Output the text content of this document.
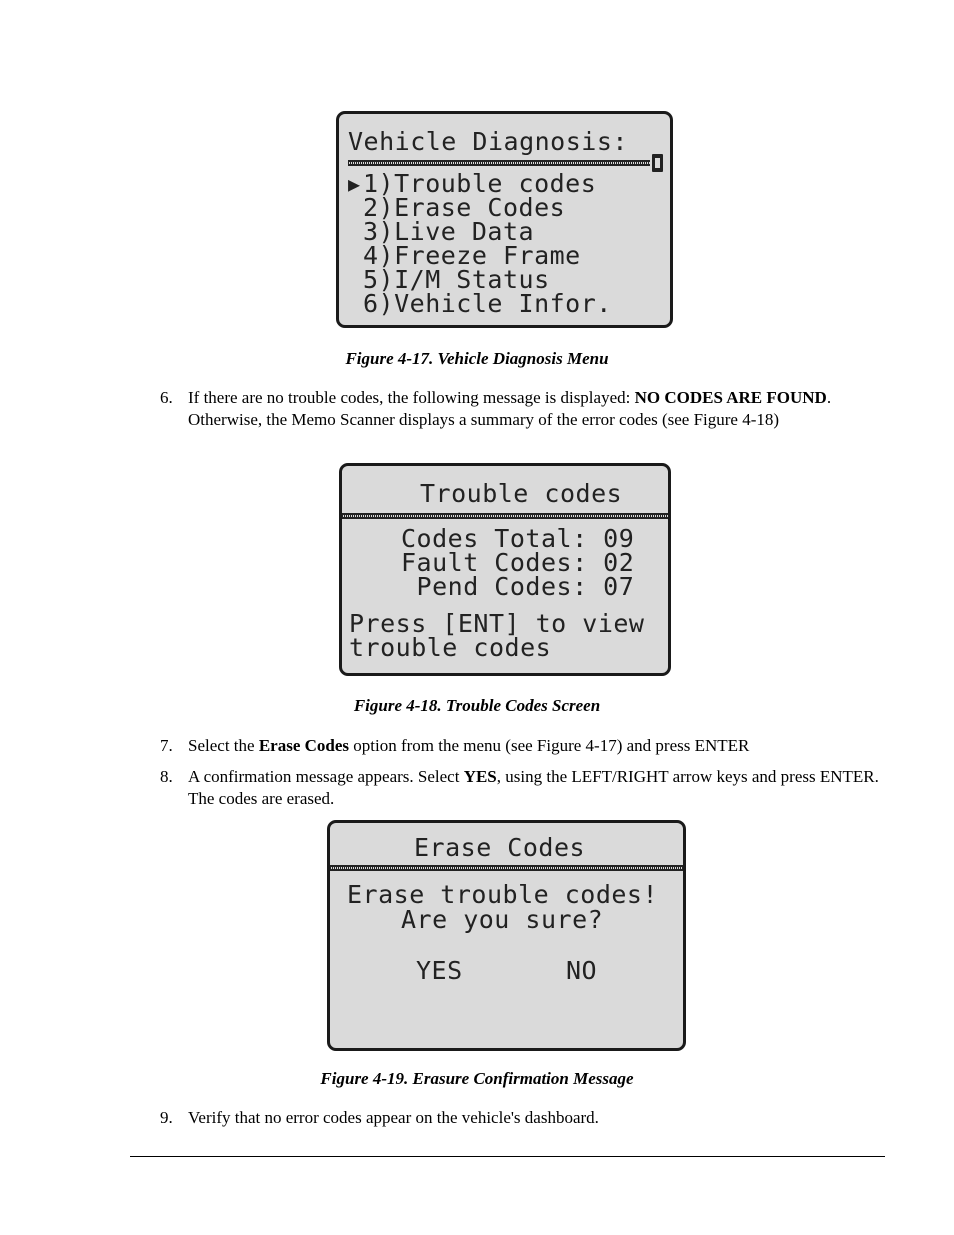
Vehicle Diagnosis:
▶ 1)Trouble codes
2)Erase Codes
3)Live Data
4)Freeze Frame
5)I/M Status
6)Vehicle Infor.
Figure 4-17. Vehicle Diagnosis Menu
6. If there are no trouble codes, the following message is displayed: NO CODES ARE FOUND. Otherwise, the Memo Scanner displays a summary of the error codes (see Figure 4-18)
Trouble codes
Codes Total: 09
Fault Codes: 02
Pend Codes: 07
Press [ENT] to view
trouble codes
Figure 4-18. Trouble Codes Screen
7. Select the Erase Codes option from the menu (see Figure 4-17) and press ENTER
8. A confirmation message appears. Select YES, using the LEFT/RIGHT arrow keys and press ENTER. The codes are erased.
Erase Codes
Erase trouble codes!
Are you sure?
YES	NO
Figure 4-19. Erasure Confirmation Message
9. Verify that no error codes appear on the vehicle's dashboard.
